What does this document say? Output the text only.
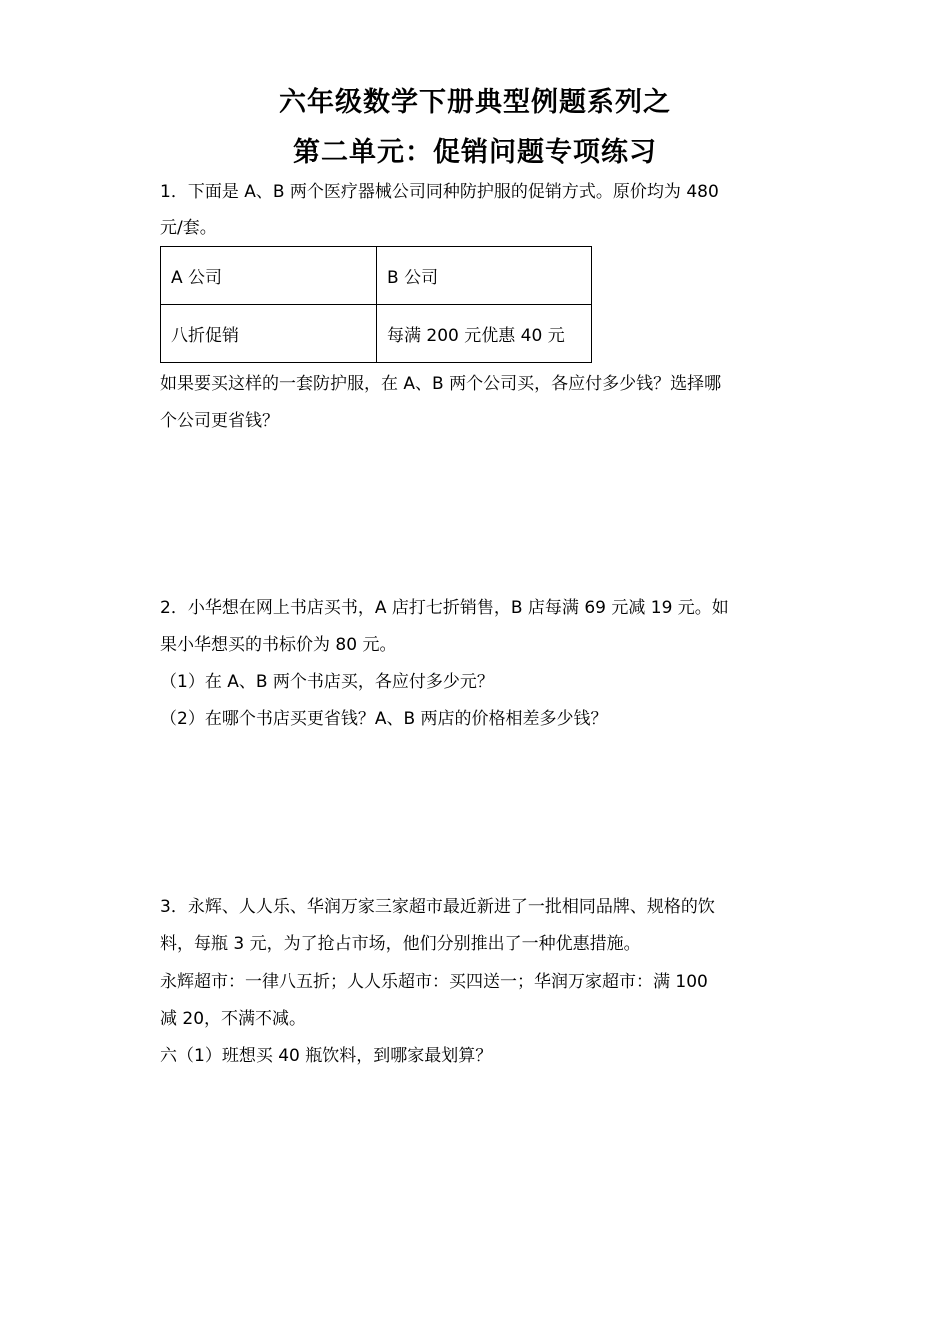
六年级数学下册典型例题系列之
第二单元：促销问题专项练习
1．下面是 A、B 两个医疗器械公司同种防护服的促销方式。原价均为 480
元/套。
A 公司	B 公司
八折促销	每满 200 元优惠 40 元
如果要买这样的一套防护服，在 A、B 两个公司买，各应付多少钱？选择哪
个公司更省钱？
2．小华想在网上书店买书，A 店打七折销售，B 店每满 69 元减 19 元。如
果小华想买的书标价为 80 元。
（1）在 A、B 两个书店买，各应付多少元？
（2）在哪个书店买更省钱？A、B 两店的价格相差多少钱？
3．永辉、人人乐、华润万家三家超市最近新进了一批相同品牌、规格的饮
料，每瓶 3 元，为了抢占市场，他们分别推出了一种优惠措施。
永辉超市：一律八五折；人人乐超市：买四送一；华润万家超市：满 100
减 20，不满不减。
六（1）班想买 40 瓶饮料，到哪家最划算？
